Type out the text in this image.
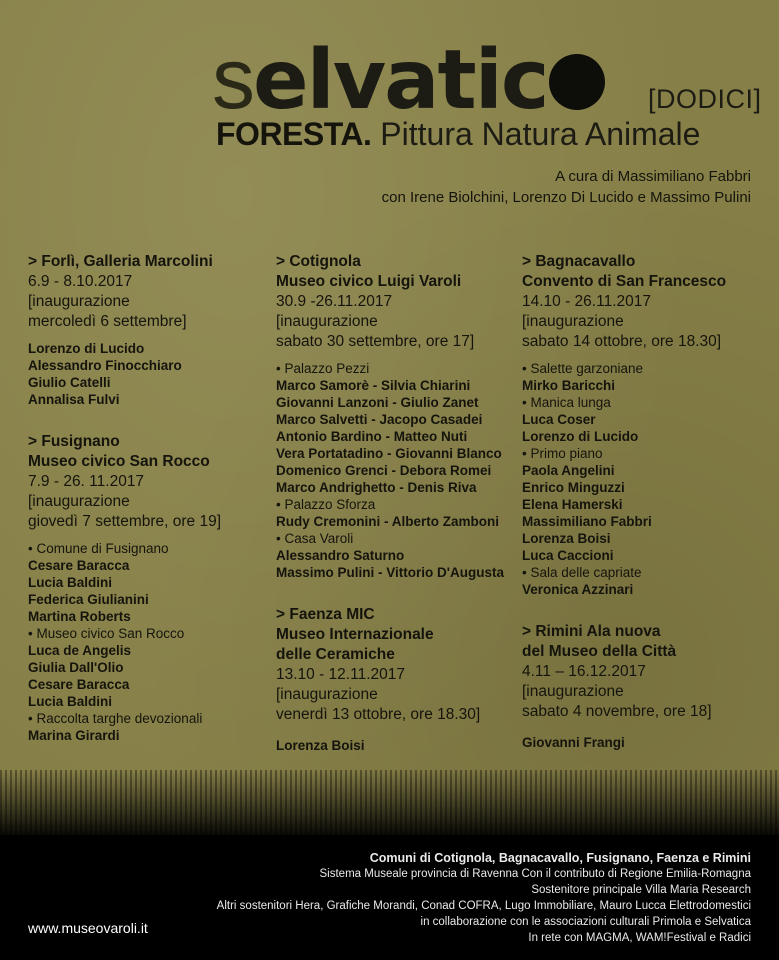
selvatic	[DODICI]
FORESTA. Pittura Natura Animale
A cura di Massimiliano Fabbri
con Irene Biolchini, Lorenzo Di Lucido e Massimo Pulini
> Forlì, Galleria Marcolini
6.9 - 8.10.2017
[inaugurazione
mercoledì 6 settembre]
Lorenzo di Lucido
Alessandro Finocchiaro
Giulio Catelli
Annalisa Fulvi
> Fusignano
Museo civico San Rocco
7.9 - 26. 11.2017
[inaugurazione
giovedì 7 settembre, ore 19]
• Comune di Fusignano
Cesare Baracca
Lucia Baldini
Federica Giulianini
Martina Roberts
• Museo civico San Rocco
Luca de Angelis
Giulia Dall'Olio
Cesare Baracca
Lucia Baldini
• Raccolta targhe devozionali
Marina Girardi
> Cotignola
Museo civico Luigi Varoli
30.9 -26.11.2017
[inaugurazione
sabato 30 settembre, ore 17]
• Palazzo Pezzi
Marco Samorè - Silvia Chiarini
Giovanni Lanzoni - Giulio Zanet
Marco Salvetti - Jacopo Casadei
Antonio Bardino - Matteo Nuti
Vera Portatadino - Giovanni Blanco
Domenico Grenci - Debora Romei
Marco Andrighetto - Denis Riva
• Palazzo Sforza
Rudy Cremonini - Alberto Zamboni
• Casa Varoli
Alessandro Saturno
Massimo Pulini - Vittorio D'Augusta
> Faenza MIC
Museo Internazionale
delle Ceramiche
13.10 - 12.11.2017
[inaugurazione
venerdì 13 ottobre, ore 18.30]
Lorenza Boisi
> Bagnacavallo
Convento di San Francesco
14.10 - 26.11.2017
[inaugurazione
sabato 14 ottobre, ore 18.30]
• Salette garzoniane
Mirko Baricchi
• Manica lunga
Luca Coser
Lorenzo di Lucido
• Primo piano
Paola Angelini
Enrico Minguzzi
Elena Hamerski
Massimiliano Fabbri
Lorenza Boisi
Luca Caccioni
• Sala delle capriate
Veronica Azzinari
> Rimini Ala nuova
del Museo della Città
4.11 – 16.12.2017
[inaugurazione
sabato 4 novembre, ore 18]
Giovanni Frangi
Comuni di Cotignola, Bagnacavallo, Fusignano, Faenza e Rimini
Sistema Museale provincia di Ravenna Con il contributo di Regione Emilia-Romagna
Sostenitore principale Villa Maria Research
Altri sostenitori Hera, Grafiche Morandi, Conad COFRA, Lugo Immobiliare, Mauro Lucca Elettrodomestici
in collaborazione con le associazioni culturali Primola e Selvatica
In rete con MAGMA, WAM!Festival e Radici
www.museovaroli.it
